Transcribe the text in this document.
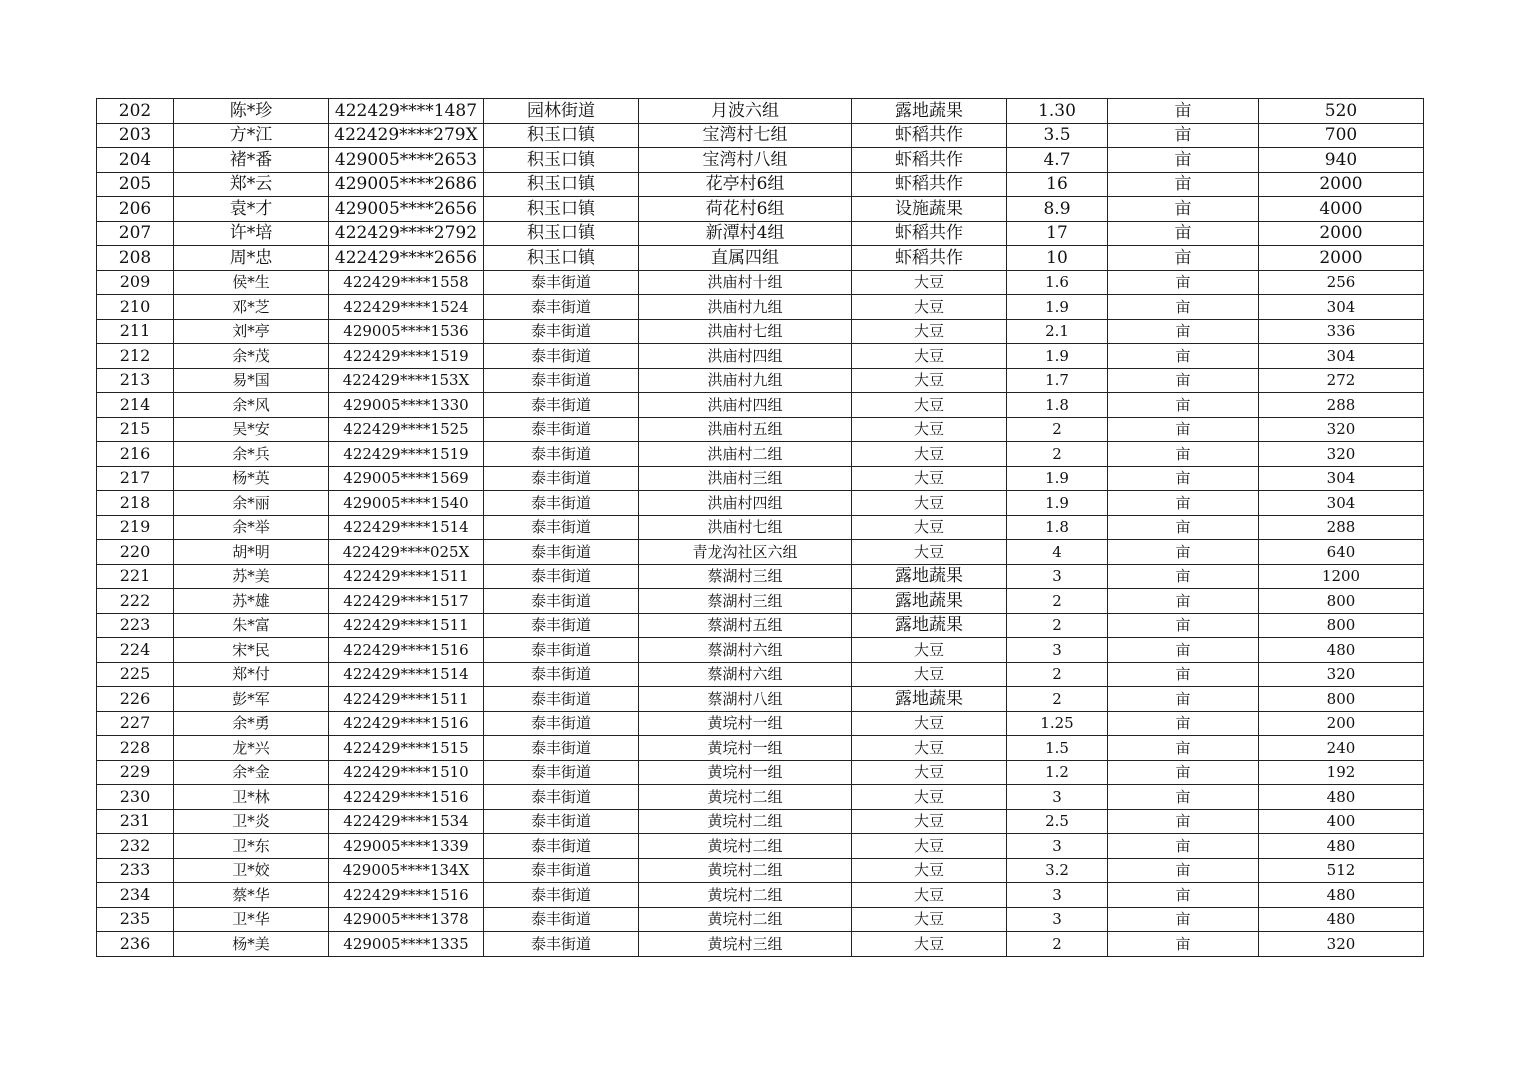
202	陈*珍	422429****1487	园林街道	月波六组	露地蔬果	1.30	亩	520
203	方*江	422429****279X	积玉口镇	宝湾村七组	虾稻共作	3.5	亩	700
204	褚*番	429005****2653	积玉口镇	宝湾村八组	虾稻共作	4.7	亩	940
205	郑*云	429005****2686	积玉口镇	花亭村6组	虾稻共作	16	亩	2000
206	袁*才	429005****2656	积玉口镇	荷花村6组	设施蔬果	8.9	亩	4000
207	许*培	422429****2792	积玉口镇	新潭村4组	虾稻共作	17	亩	2000
208	周*忠	422429****2656	积玉口镇	直属四组	虾稻共作	10	亩	2000
209	侯*生	422429****1558	泰丰街道	洪庙村十组	大豆	1.6	亩	256
210	邓*芝	422429****1524	泰丰街道	洪庙村九组	大豆	1.9	亩	304
211	刘*亭	429005****1536	泰丰街道	洪庙村七组	大豆	2.1	亩	336
212	余*茂	422429****1519	泰丰街道	洪庙村四组	大豆	1.9	亩	304
213	易*国	422429****153X	泰丰街道	洪庙村九组	大豆	1.7	亩	272
214	余*风	429005****1330	泰丰街道	洪庙村四组	大豆	1.8	亩	288
215	吴*安	422429****1525	泰丰街道	洪庙村五组	大豆	2	亩	320
216	余*兵	422429****1519	泰丰街道	洪庙村二组	大豆	2	亩	320
217	杨*英	429005****1569	泰丰街道	洪庙村三组	大豆	1.9	亩	304
218	余*丽	429005****1540	泰丰街道	洪庙村四组	大豆	1.9	亩	304
219	余*举	422429****1514	泰丰街道	洪庙村七组	大豆	1.8	亩	288
220	胡*明	422429****025X	泰丰街道	青龙沟社区六组	大豆	4	亩	640
221	苏*美	422429****1511	泰丰街道	蔡湖村三组	露地蔬果	3	亩	1200
222	苏*雄	422429****1517	泰丰街道	蔡湖村三组	露地蔬果	2	亩	800
223	朱*富	422429****1511	泰丰街道	蔡湖村五组	露地蔬果	2	亩	800
224	宋*民	422429****1516	泰丰街道	蔡湖村六组	大豆	3	亩	480
225	郑*付	422429****1514	泰丰街道	蔡湖村六组	大豆	2	亩	320
226	彭*军	422429****1511	泰丰街道	蔡湖村八组	露地蔬果	2	亩	800
227	余*勇	422429****1516	泰丰街道	黄垸村一组	大豆	1.25	亩	200
228	龙*兴	422429****1515	泰丰街道	黄垸村一组	大豆	1.5	亩	240
229	余*金	422429****1510	泰丰街道	黄垸村一组	大豆	1.2	亩	192
230	卫*林	422429****1516	泰丰街道	黄垸村二组	大豆	3	亩	480
231	卫*炎	422429****1534	泰丰街道	黄垸村二组	大豆	2.5	亩	400
232	卫*东	429005****1339	泰丰街道	黄垸村二组	大豆	3	亩	480
233	卫*姣	429005****134X	泰丰街道	黄垸村二组	大豆	3.2	亩	512
234	蔡*华	422429****1516	泰丰街道	黄垸村二组	大豆	3	亩	480
235	卫*华	429005****1378	泰丰街道	黄垸村二组	大豆	3	亩	480
236	杨*美	429005****1335	泰丰街道	黄垸村三组	大豆	2	亩	320
